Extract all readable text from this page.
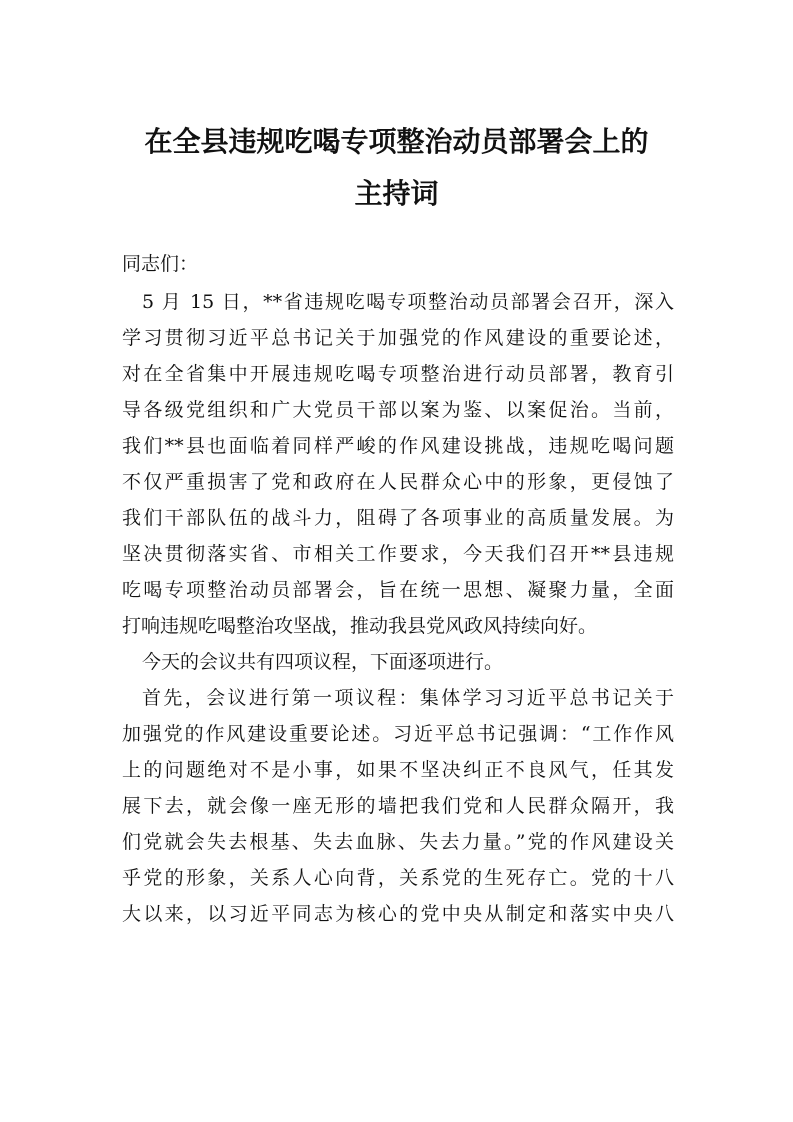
在全县违规吃喝专项整治动员部署会上的
主持词
同志们：
5 月 15 日，**省违规吃喝专项整治动员部署会召开，深入
学习贯彻习近平总书记关于加强党的作风建设的重要论述，
对在全省集中开展违规吃喝专项整治进行动员部署，教育引
导各级党组织和广大党员干部以案为鉴、以案促治。当前，
我们**县也面临着同样严峻的作风建设挑战，违规吃喝问题
不仅严重损害了党和政府在人民群众心中的形象，更侵蚀了
我们干部队伍的战斗力，阻碍了各项事业的高质量发展。为
坚决贯彻落实省、市相关工作要求，今天我们召开**县违规
吃喝专项整治动员部署会，旨在统一思想、凝聚力量，全面
打响违规吃喝整治攻坚战，推动我县党风政风持续向好。
今天的会议共有四项议程，下面逐项进行。
首先，会议进行第一项议程：集体学习习近平总书记关于
加强党的作风建设重要论述。习近平总书记强调：“工作作风
上的问题绝对不是小事，如果不坚决纠正不良风气，任其发
展下去，就会像一座无形的墙把我们党和人民群众隔开，我
们党就会失去根基、失去血脉、失去力量。”党的作风建设关
乎党的形象，关系人心向背，关系党的生死存亡。党的十八
大以来，以习近平同志为核心的党中央从制定和落实中央八
